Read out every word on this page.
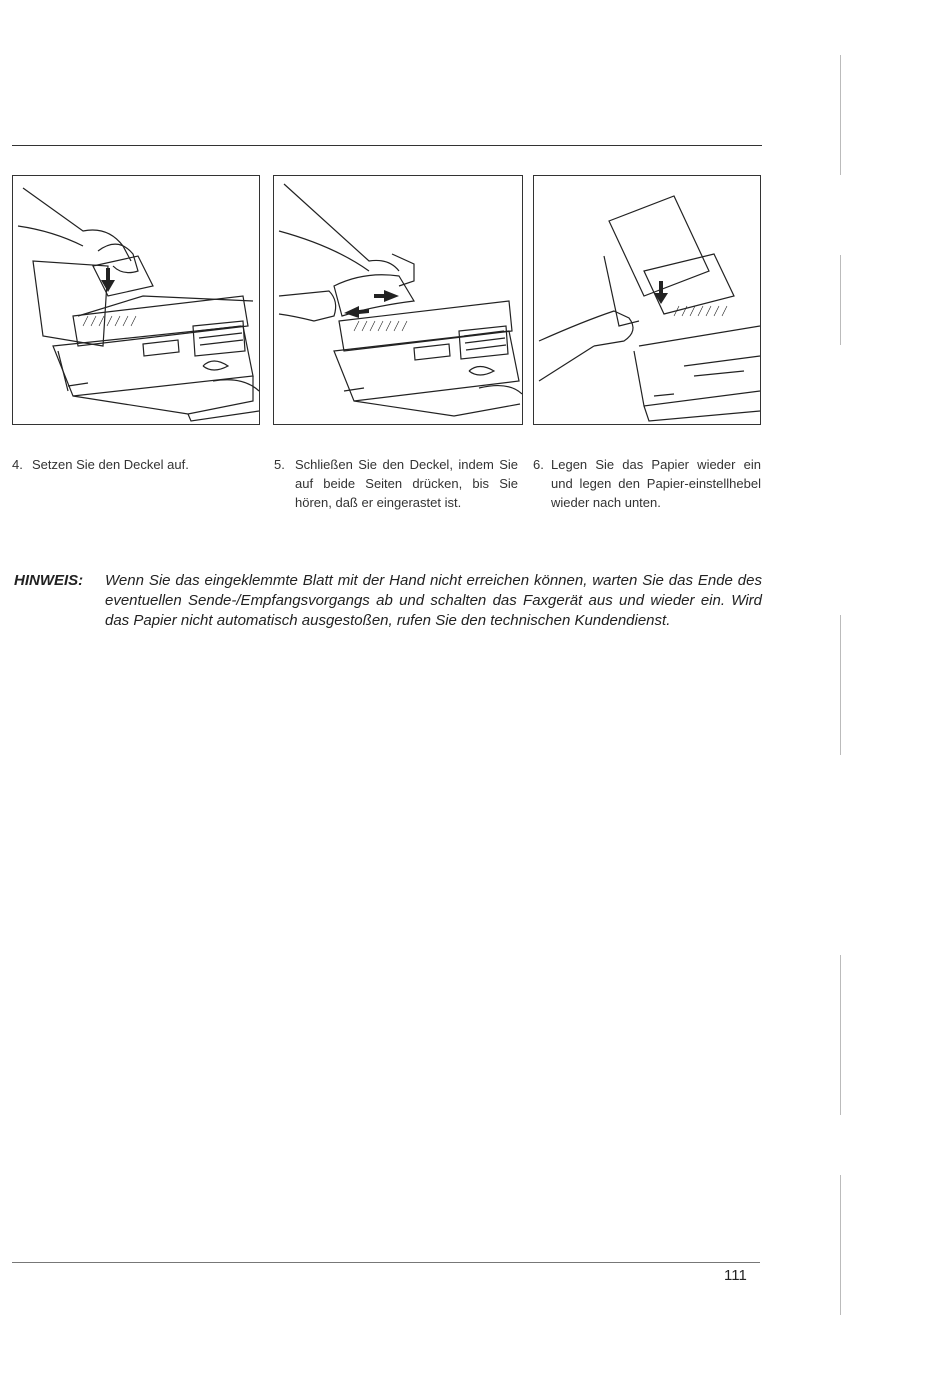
4. Setzen Sie den Deckel auf.	5. Schließen Sie den Deckel, indem Sie auf beide Seiten drücken, bis Sie hören, daß er eingerastet ist.
6. Legen Sie das Papier wieder ein und legen den Papier-einstellhebel wieder nach unten.
HINWEIS:	Wenn Sie das eingeklemmte Blatt mit der Hand nicht erreichen können, warten Sie das Ende des eventuellen Sende-/Empfangsvorgangs ab und schalten das Faxgerät aus und wieder ein. Wird das Papier nicht automatisch ausgestoßen, rufen Sie den technischen Kundendienst.
111
